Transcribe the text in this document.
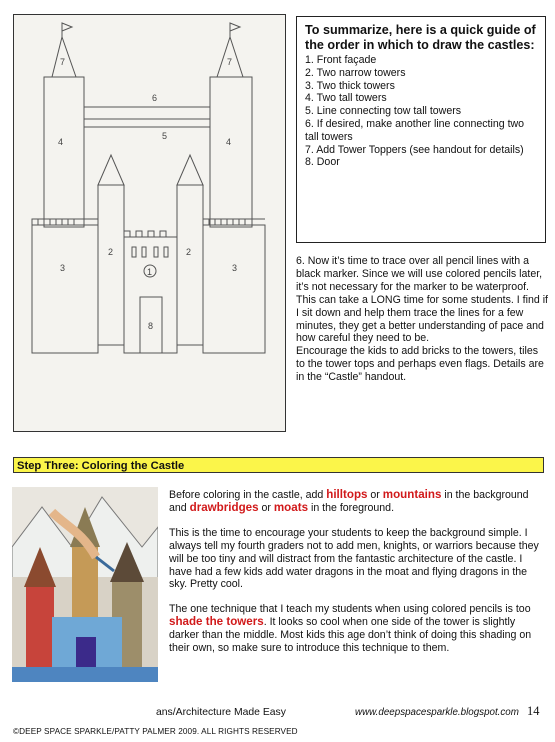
7	7
6
5
4	4
2	2
3	3
1
8
To summarize, here is a quick guide of the order in which to draw the castles:
1. Front façade
2. Two narrow towers
3. Two thick towers
4. Two tall towers
5. Line connecting tow tall towers
6. If desired, make another line connecting two tall towers
7. Add Tower Toppers (see handout for details)
8. Door
6. Now it’s time to trace over all pencil lines with a black marker. Since we will use colored pencils later, it’s not necessary for the marker to be waterproof. This can take a LONG time for some students. I find if I sit down and help them trace the lines for a few minutes, they get a better understanding of pace and how careful they need to be.
Encourage the kids to add bricks to the towers, tiles to the tower tops and perhaps even flags. Details are in the “Castle” handout.
Step Three: Coloring the Castle

Before coloring in the castle, add hilltops or mountains in the background and drawbridges or moats in the foreground.

This is the time to encourage your students to keep the background simple. I always tell my fourth graders not to add men, knights, or warriors because they will be too tiny and will distract from the fantastic architecture of the castle. I have had a few kids add water dragons in the moat and flying dragons in the sky. Pretty cool.

The one technique that I teach my students when using colored pencils is too shade the towers. It looks so cool when one side of the tower is slightly darker than the middle. Most kids this age don’t think of doing this shading on their own, so make sure to introduce this technique to them.

ans/Architecture Made Easy	www.deepspacesparkle.blogspot.com 14
©DEEP SPACE SPARKLE/PATTY PALMER 2009. ALL RIGHTS RESERVED
